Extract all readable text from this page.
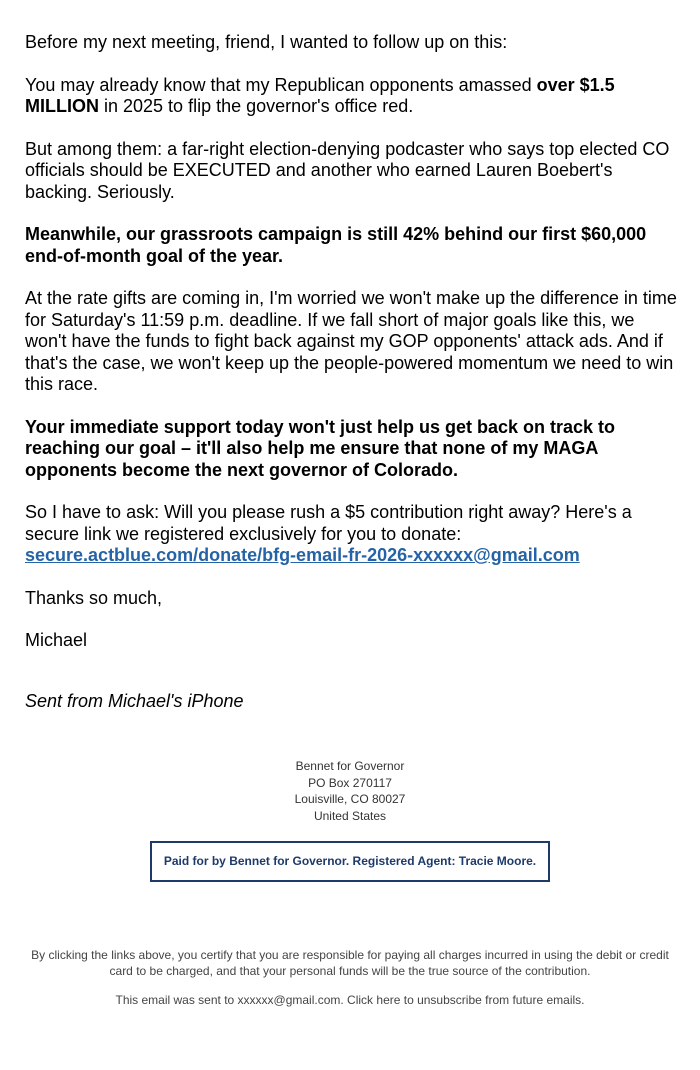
Before my next meeting, friend, I wanted to follow up on this:

You may already know that my Republican opponents amassed over $1.5 MILLION in 2025 to flip the governor's office red.

But among them: a far-right election-denying podcaster who says top elected CO officials should be EXECUTED and another who earned Lauren Boebert's backing. Seriously.

Meanwhile, our grassroots campaign is still 42% behind our first $60,000 end-of-month goal of the year.

At the rate gifts are coming in, I'm worried we won't make up the difference in time for Saturday's 11:59 p.m. deadline. If we fall short of major goals like this, we won't have the funds to fight back against my GOP opponents' attack ads. And if that's the case, we won't keep up the people-powered momentum we need to win this race.

Your immediate support today won't just help us get back on track to reaching our goal – it'll also help me ensure that none of my MAGA opponents become the next governor of Colorado.

So I have to ask: Will you please rush a $5 contribution right away? Here's a secure link we registered exclusively for you to donate:
secure.actblue.com/donate/bfg-email-fr-2026-xxxxxx@gmail.com

Thanks so much,

Michael

Sent from Michael's iPhone

Bennet for Governor
PO Box 270117
Louisville, CO 80027
United States
Paid for by Bennet for Governor. Registered Agent: Tracie Moore.

By clicking the links above, you certify that you are responsible for paying all charges incurred in using the debit or credit card to be charged, and that your personal funds will be the true source of the contribution.

This email was sent to xxxxxx@gmail.com. Click here to unsubscribe from future emails.
